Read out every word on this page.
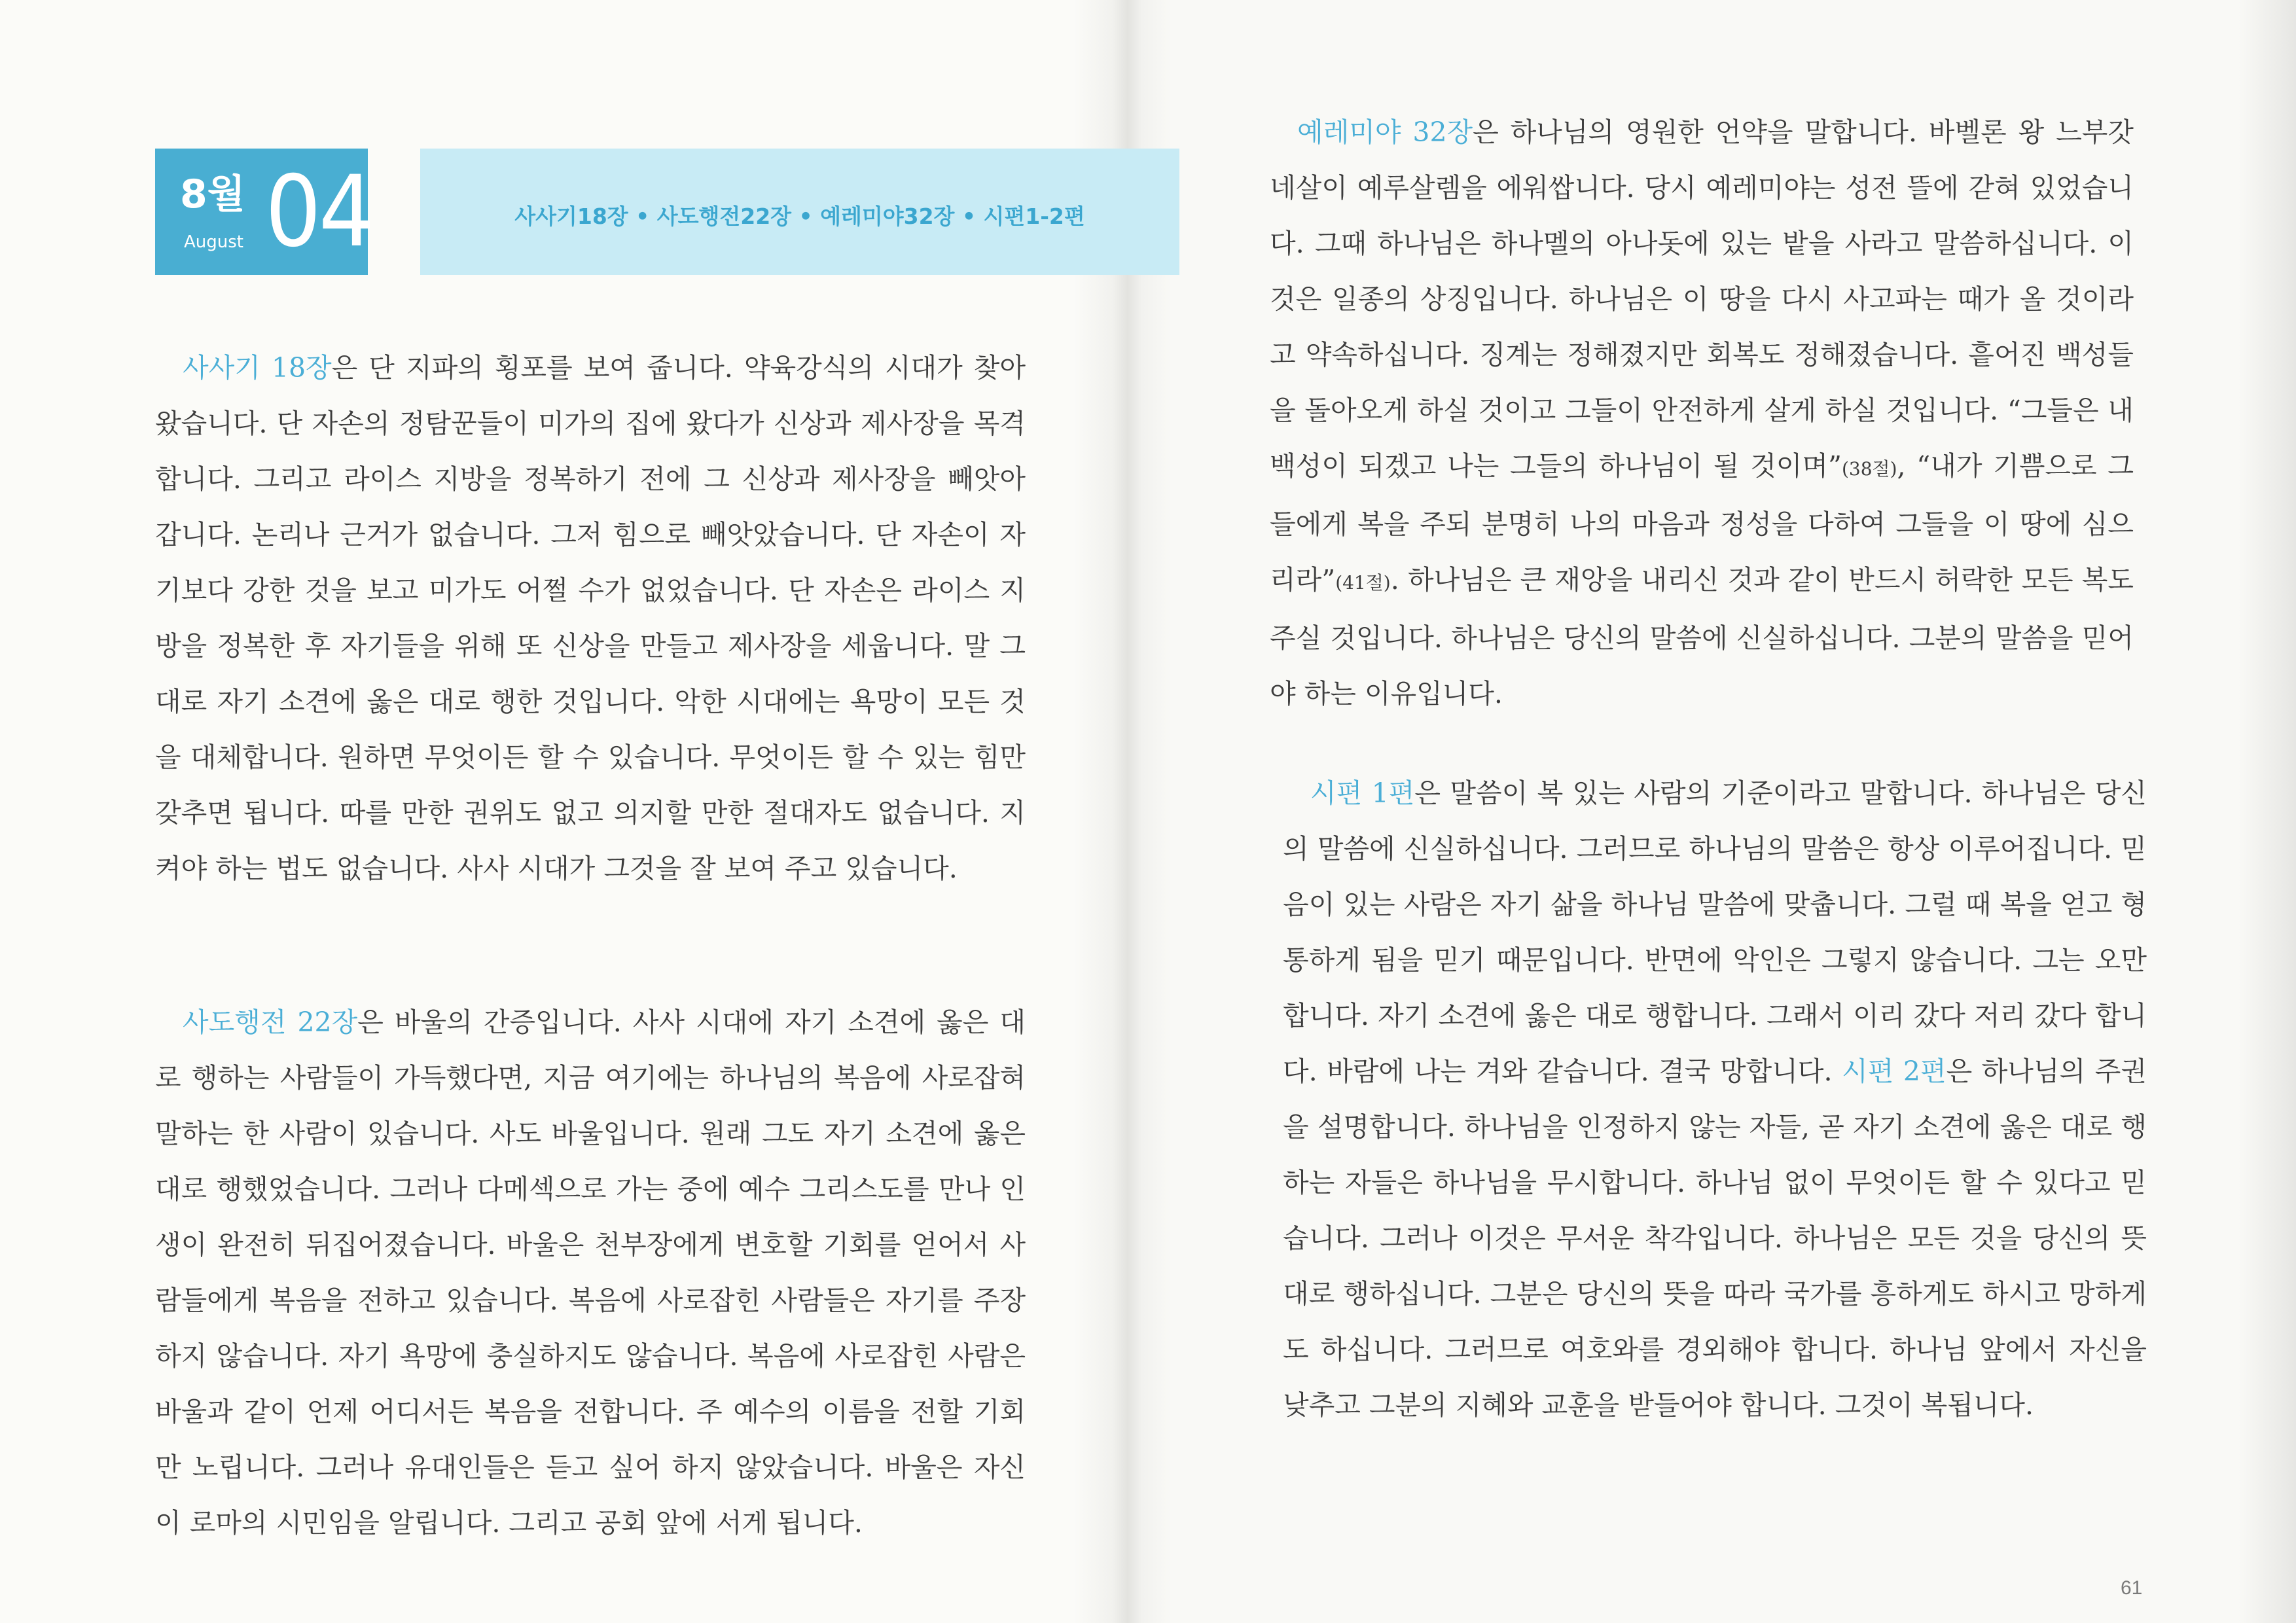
8월
August 04	사사기18장 • 사도행전22장 • 예레미야32장 • 시편1-2편

사사기 18장은 단 지파의 횡포를 보여 줍니다. 약육강식의 시대가 찾아 왔습니다. 단 자손의 정탐꾼들이 미가의 집에 왔다가 신상과 제사장을 목격합니다. 그리고 라이스 지방을 정복하기 전에 그 신상과 제사장을 빼앗아 갑니다. 논리나 근거가 없습니다. 그저 힘으로 빼앗았습니다. 단 자손이 자기보다 강한 것을 보고 미가도 어쩔 수가 없었습니다. 단 자손은 라이스 지방을 정복한 후 자기들을 위해 또 신상을 만들고 제사장을 세웁니다. 말 그대로 자기 소견에 옳은 대로 행한 것입니다. 악한 시대에는 욕망이 모든 것을 대체합니다. 원하면 무엇이든 할 수 있습니다. 무엇이든 할 수 있는 힘만 갖추면 됩니다. 따를 만한 권위도 없고 의지할 만한 절대자도 없습니다. 지켜야 하는 법도 없습니다. 사사 시대가 그것을 잘 보여 주고 있습니다.

사도행전 22장은 바울의 간증입니다. 사사 시대에 자기 소견에 옳은 대로 행하는 사람들이 가득했다면, 지금 여기에는 하나님의 복음에 사로잡혀 말하는 한 사람이 있습니다. 사도 바울입니다. 원래 그도 자기 소견에 옳은 대로 행했었습니다. 그러나 다메섹으로 가는 중에 예수 그리스도를 만나 인생이 완전히 뒤집어졌습니다. 바울은 천부장에게 변호할 기회를 얻어서 사람들에게 복음을 전하고 있습니다. 복음에 사로잡힌 사람들은 자기를 주장하지 않습니다. 자기 욕망에 충실하지도 않습니다. 복음에 사로잡힌 사람은 바울과 같이 언제 어디서든 복음을 전합니다. 주 예수의 이름을 전할 기회만 노립니다. 그러나 유대인들은 듣고 싶어 하지 않았습니다. 바울은 자신이 로마의 시민임을 알립니다. 그리고 공회 앞에 서게 됩니다.

예레미야 32장은 하나님의 영원한 언약을 말합니다. 바벨론 왕 느부갓네살이 예루살렘을 에워쌉니다. 당시 예레미야는 성전 뜰에 갇혀 있었습니다. 그때 하나님은 하나멜의 아나돗에 있는 밭을 사라고 말씀하십니다. 이것은 일종의 상징입니다. 하나님은 이 땅을 다시 사고파는 때가 올 것이라고 약속하십니다. 징계는 정해졌지만 회복도 정해졌습니다. 흩어진 백성들을 돌아오게 하실 것이고 그들이 안전하게 살게 하실 것입니다. “그들은 내 백성이 되겠고 나는 그들의 하나님이 될 것이며”(38절), “내가 기쁨으로 그들에게 복을 주되 분명히 나의 마음과 정성을 다하여 그들을 이 땅에 심으리라”(41절). 하나님은 큰 재앙을 내리신 것과 같이 반드시 허락한 모든 복도 주실 것입니다. 하나님은 당신의 말씀에 신실하십니다. 그분의 말씀을 믿어야 하는 이유입니다.

시편 1편은 말씀이 복 있는 사람의 기준이라고 말합니다. 하나님은 당신의 말씀에 신실하십니다. 그러므로 하나님의 말씀은 항상 이루어집니다. 믿음이 있는 사람은 자기 삶을 하나님 말씀에 맞춥니다. 그럴 때 복을 얻고 형통하게 됨을 믿기 때문입니다. 반면에 악인은 그렇지 않습니다. 그는 오만합니다. 자기 소견에 옳은 대로 행합니다. 그래서 이리 갔다 저리 갔다 합니다. 바람에 나는 겨와 같습니다. 결국 망합니다. 시편 2편은 하나님의 주권을 설명합니다. 하나님을 인정하지 않는 자들, 곧 자기 소견에 옳은 대로 행하는 자들은 하나님을 무시합니다. 하나님 없이 무엇이든 할 수 있다고 믿습니다. 그러나 이것은 무서운 착각입니다. 하나님은 모든 것을 당신의 뜻대로 행하십니다. 그분은 당신의 뜻을 따라 국가를 흥하게도 하시고 망하게도 하십니다. 그러므로 여호와를 경외해야 합니다. 하나님 앞에서 자신을 낮추고 그분의 지혜와 교훈을 받들어야 합니다. 그것이 복됩니다.

61
